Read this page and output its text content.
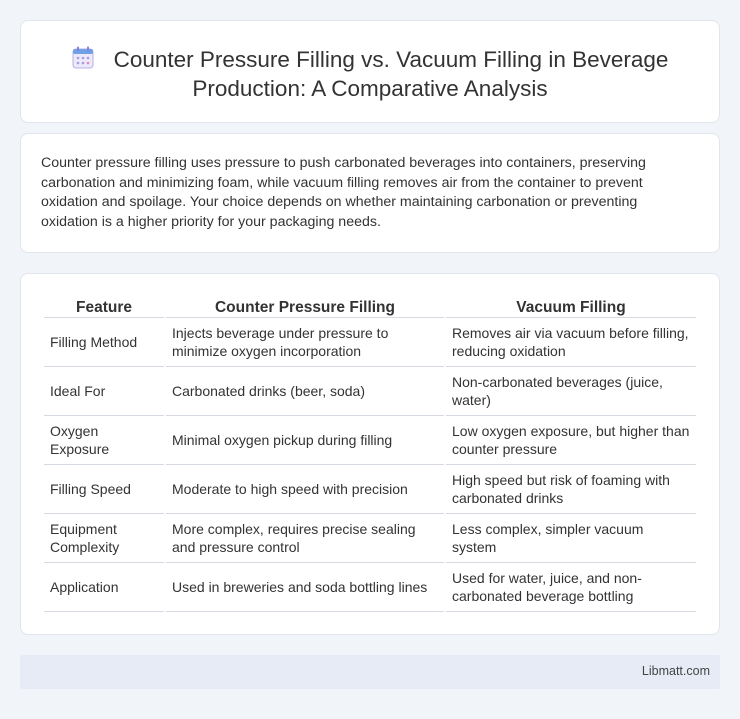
Counter Pressure Filling vs. Vacuum Filling in Beverage Production: A Comparative Analysis

Counter pressure filling uses pressure to push carbonated beverages into containers, preserving carbonation and minimizing foam, while vacuum filling removes air from the container to prevent oxidation and spoilage. Your choice depends on whether maintaining carbonation or preventing oxidation is a higher priority for your packaging needs.

Feature	Counter Pressure Filling	Vacuum Filling
Filling Method	Injects beverage under pressure to minimize oxygen incorporation	Removes air via vacuum before filling, reducing oxidation
Ideal For	Carbonated drinks (beer, soda)	Non-carbonated beverages (juice, water)
Oxygen Exposure	Minimal oxygen pickup during filling	Low oxygen exposure, but higher than counter pressure
Filling Speed	Moderate to high speed with precision	High speed but risk of foaming with carbonated drinks
Equipment Complexity	More complex, requires precise sealing and pressure control	Less complex, simpler vacuum system
Application	Used in breweries and soda bottling lines	Used for water, juice, and non-carbonated beverage bottling
Libmatt.com
